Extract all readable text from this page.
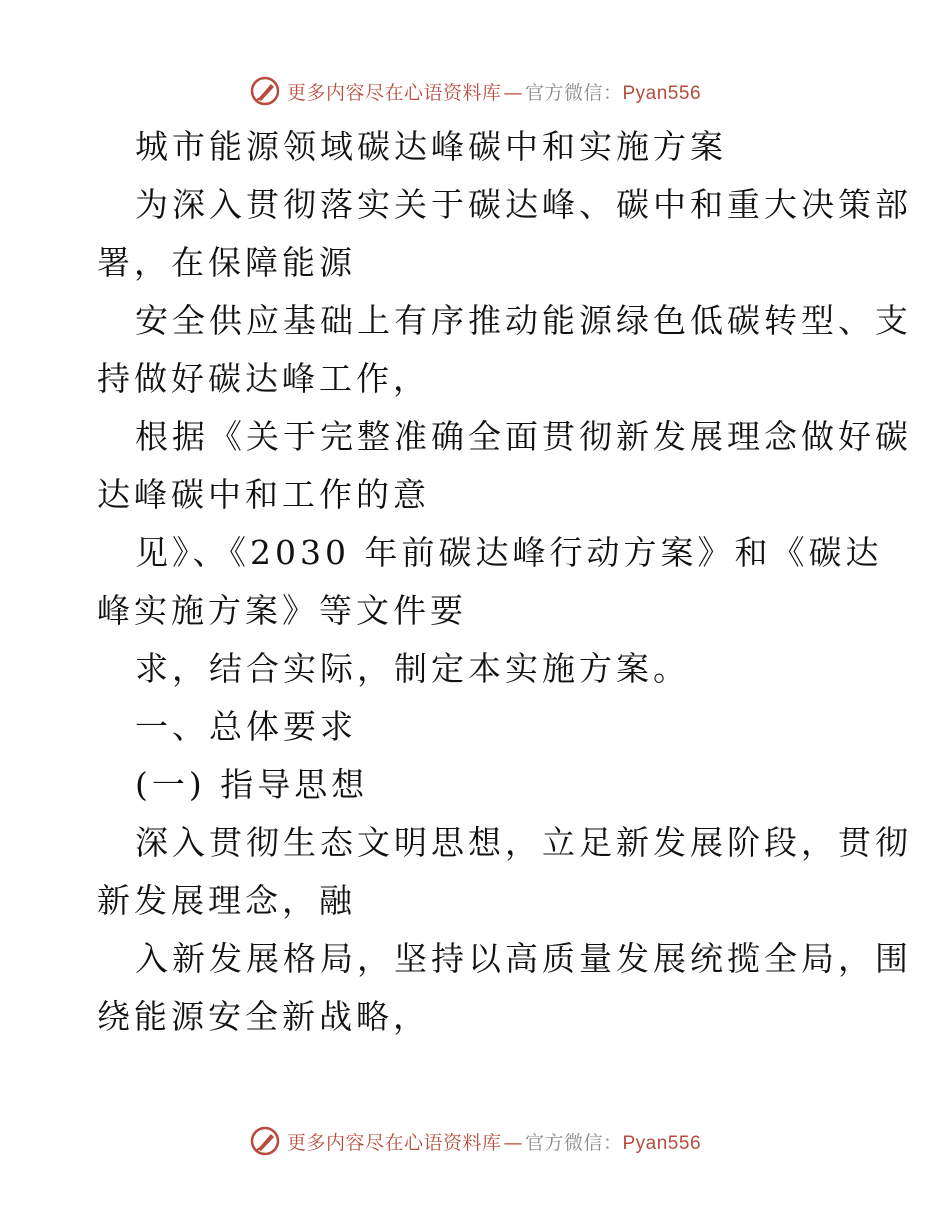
更多内容尽在心语资料库 — 官方微信： Pyan556
城市能源领域碳达峰碳中和实施方案
为深入贯彻落实关于碳达峰、碳中和重大决策部
署，在保障能源
安全供应基础上有序推动能源绿色低碳转型、支
持做好碳达峰工作，
根据《关于完整准确全面贯彻新发展理念做好碳
达峰碳中和工作的意
见》、《2030 年前碳达峰行动方案》和《碳达
峰实施方案》等文件要
求，结合实际，制定本实施方案。
一、总体要求
(一) 指导思想
深入贯彻生态文明思想，立足新发展阶段，贯彻
新发展理念，融
入新发展格局，坚持以高质量发展统揽全局，围
绕能源安全新战略，
更多内容尽在心语资料库 — 官方微信： Pyan556
